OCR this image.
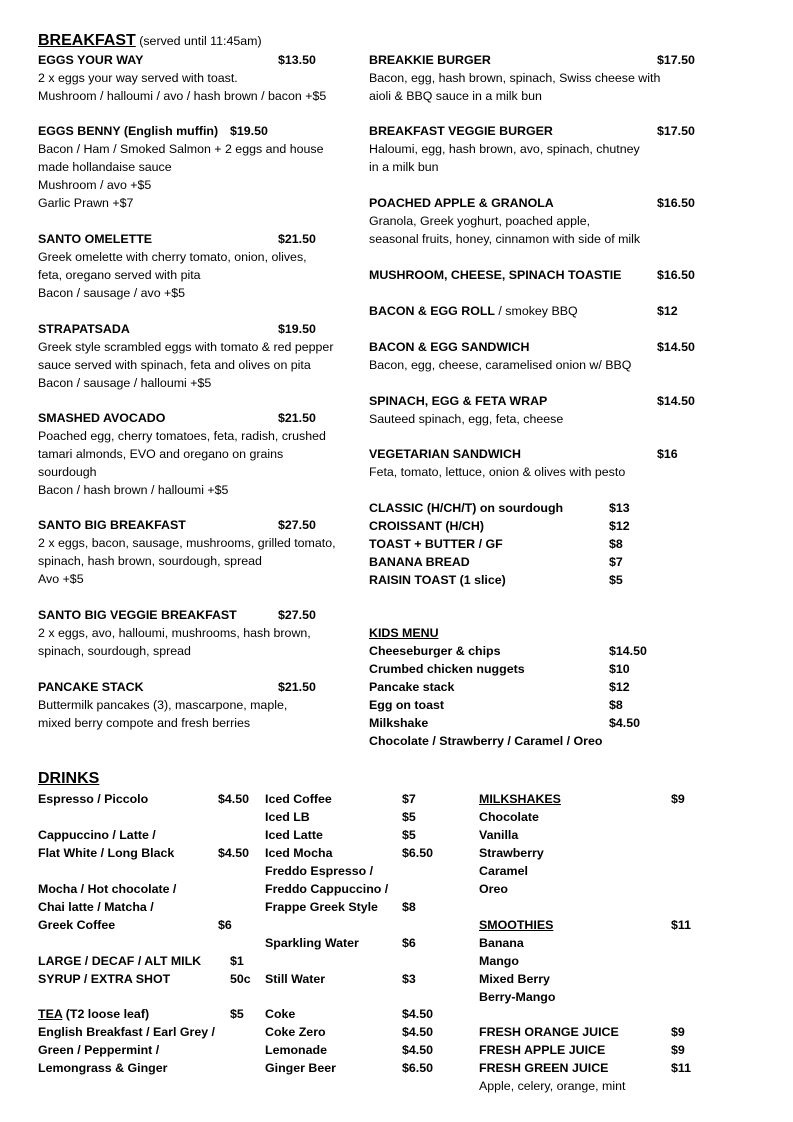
BREAKFAST (served until 11:45am)
EGGS YOUR WAY	$13.50
2 x eggs your way served with toast.
Mushroom / halloumi / avo / hash brown / bacon +$5
EGGS BENNY (English muffin) $19.50
Bacon / Ham / Smoked Salmon + 2 eggs and house
made hollandaise sauce
Mushroom / avo +$5
Garlic Prawn +$7
SANTO OMELETTE	$21.50
Greek omelette with cherry tomato, onion, olives,
feta, oregano served with pita
Bacon / sausage / avo +$5
STRAPATSADA	$19.50
Greek style scrambled eggs with tomato & red pepper
sauce served with spinach, feta and olives on pita
Bacon / sausage / halloumi +$5
SMASHED AVOCADO	$21.50
Poached egg, cherry tomatoes, feta, radish, crushed
tamari almonds, EVO and oregano on grains
sourdough
Bacon / hash brown / halloumi +$5
SANTO BIG BREAKFAST	$27.50
2 x eggs, bacon, sausage, mushrooms, grilled tomato,
spinach, hash brown, sourdough, spread
Avo +$5
SANTO BIG VEGGIE BREAKFAST	$27.50
2 x eggs, avo, halloumi, mushrooms, hash brown,
spinach, sourdough, spread
PANCAKE STACK	$21.50
Buttermilk pancakes (3), mascarpone, maple,
mixed berry compote and fresh berries
BREAKKIE BURGER	$17.50
Bacon, egg, hash brown, spinach, Swiss cheese with
aioli & BBQ sauce in a milk bun
BREAKFAST VEGGIE BURGER	$17.50
Haloumi, egg, hash brown, avo, spinach, chutney
in a milk bun
POACHED APPLE & GRANOLA	$16.50
Granola, Greek yoghurt, poached apple,
seasonal fruits, honey, cinnamon with side of milk
MUSHROOM, CHEESE, SPINACH TOASTIE	$16.50
BACON & EGG ROLL / smokey BBQ	$12
BACON & EGG SANDWICH	$14.50
Bacon, egg, cheese, caramelised onion w/ BBQ
SPINACH, EGG & FETA WRAP	$14.50
Sauteed spinach, egg, feta, cheese
VEGETARIAN SANDWICH	$16
Feta, tomato, lettuce, onion & olives with pesto
CLASSIC (H/CH/T) on sourdough	$13
CROISSANT (H/CH)	$12
TOAST + BUTTER / GF	$8
BANANA BREAD	$7
RAISIN TOAST (1 slice)	$5
KIDS MENU
Cheeseburger & chips	$14.50
Crumbed chicken nuggets	$10
Pancake stack	$12
Egg on toast	$8
Milkshake	$4.50
Chocolate / Strawberry / Caramel / Oreo
DRINKS
Espresso / Piccolo	$4.50
Cappuccino / Latte /
Flat White / Long Black	$4.50
Mocha / Hot chocolate /
Chai latte / Matcha /
Greek Coffee	$6
LARGE / DECAF / ALT MILK $1
SYRUP / EXTRA SHOT	50c
TEA (T2 loose leaf)	$5
English Breakfast / Earl Grey /
Green / Peppermint /
Lemongrass & Ginger
Iced Coffee	$7
Iced LB	$5
Iced Latte	$5
Iced Mocha	$6.50
Freddo Espresso /
Freddo Cappuccino /
Frappe Greek Style $8
Sparkling Water	$6
Still Water	$3
Coke	$4.50
Coke Zero	$4.50
Lemonade	$4.50
Ginger Beer	$6.50
MILKSHAKES	$9
Chocolate
Vanilla
Strawberry
Caramel
Oreo
SMOOTHIES	$11
Banana
Mango
Mixed Berry
Berry-Mango
FRESH ORANGE JUICE	$9
FRESH APPLE JUICE	$9
FRESH GREEN JUICE	$11
Apple, celery, orange, mint
